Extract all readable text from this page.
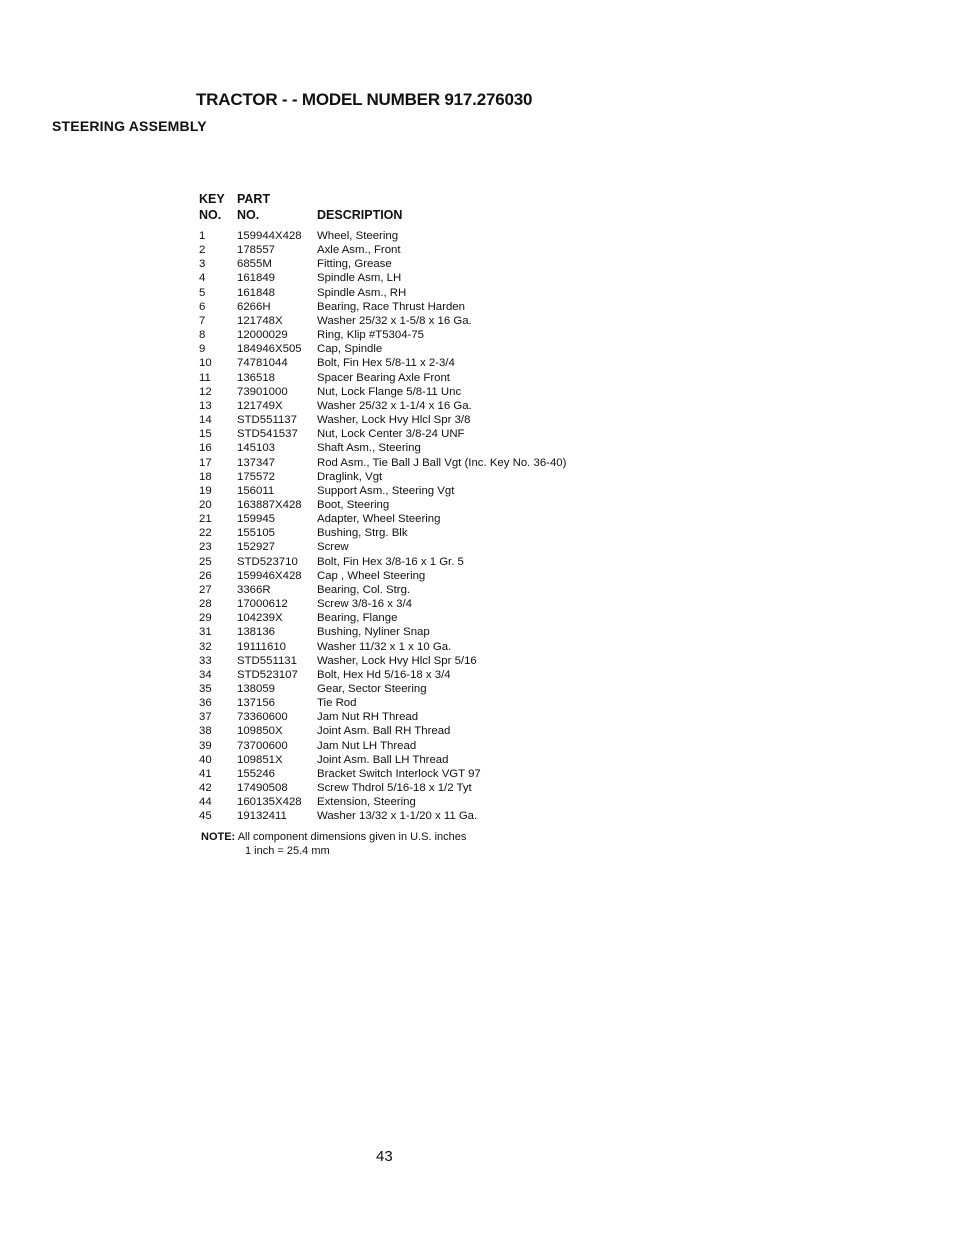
TRACTOR - - MODEL NUMBER 917.276030
STEERING ASSEMBLY
KEY	PART	
NO.	NO.	DESCRIPTION
1	159944X428	Wheel, Steering
2	178557	Axle Asm., Front
3	6855M	Fitting, Grease
4	161849	Spindle Asm, LH
5	161848	Spindle Asm., RH
6	6266H	Bearing, Race Thrust Harden
7	121748X	Washer 25/32 x 1-5/8 x 16 Ga.
8	12000029	Ring, Klip #T5304-75
9	184946X505	Cap, Spindle
10	74781044	Bolt, Fin Hex 5/8-11 x 2-3/4
11	136518	Spacer Bearing Axle Front
12	73901000	Nut, Lock Flange 5/8-11 Unc
13	121749X	Washer 25/32 x 1-1/4 x 16 Ga.
14	STD551137	Washer, Lock Hvy Hlcl Spr 3/8
15	STD541537	Nut, Lock Center 3/8-24 UNF
16	145103	Shaft Asm., Steering
17	137347	Rod Asm., Tie Ball J Ball Vgt (Inc. Key No. 36-40)
18	175572	Draglink, Vgt
19	156011	Support Asm., Steering Vgt
20	163887X428	Boot, Steering
21	159945	Adapter, Wheel Steering
22	155105	Bushing, Strg. Blk
23	152927	Screw
25	STD523710	Bolt, Fin Hex 3/8-16 x 1 Gr. 5
26	159946X428	Cap , Wheel Steering
27	3366R	Bearing, Col. Strg.
28	17000612	Screw 3/8-16 x 3/4
29	104239X	Bearing, Flange
31	138136	Bushing, Nyliner Snap
32	19111610	Washer 11/32 x 1 x 10 Ga.
33	STD551131	Washer, Lock Hvy Hlcl Spr 5/16
34	STD523107	Bolt, Hex Hd 5/16-18 x 3/4
35	138059	Gear, Sector Steering
36	137156	Tie Rod
37	73360600	Jam Nut RH Thread
38	109850X	Joint Asm. Ball RH Thread
39	73700600	Jam Nut LH Thread
40	109851X	Joint Asm. Ball LH Thread
41	155246	Bracket Switch Interlock VGT 97
42	17490508	Screw Thdrol 5/16-18 x 1/2 Tyt
44	160135X428	Extension, Steering
45	19132411	Washer 13/32 x 1-1/20 x 11 Ga.
NOTE: All component dimensions given in U.S. inches
1 inch = 25.4 mm
43
